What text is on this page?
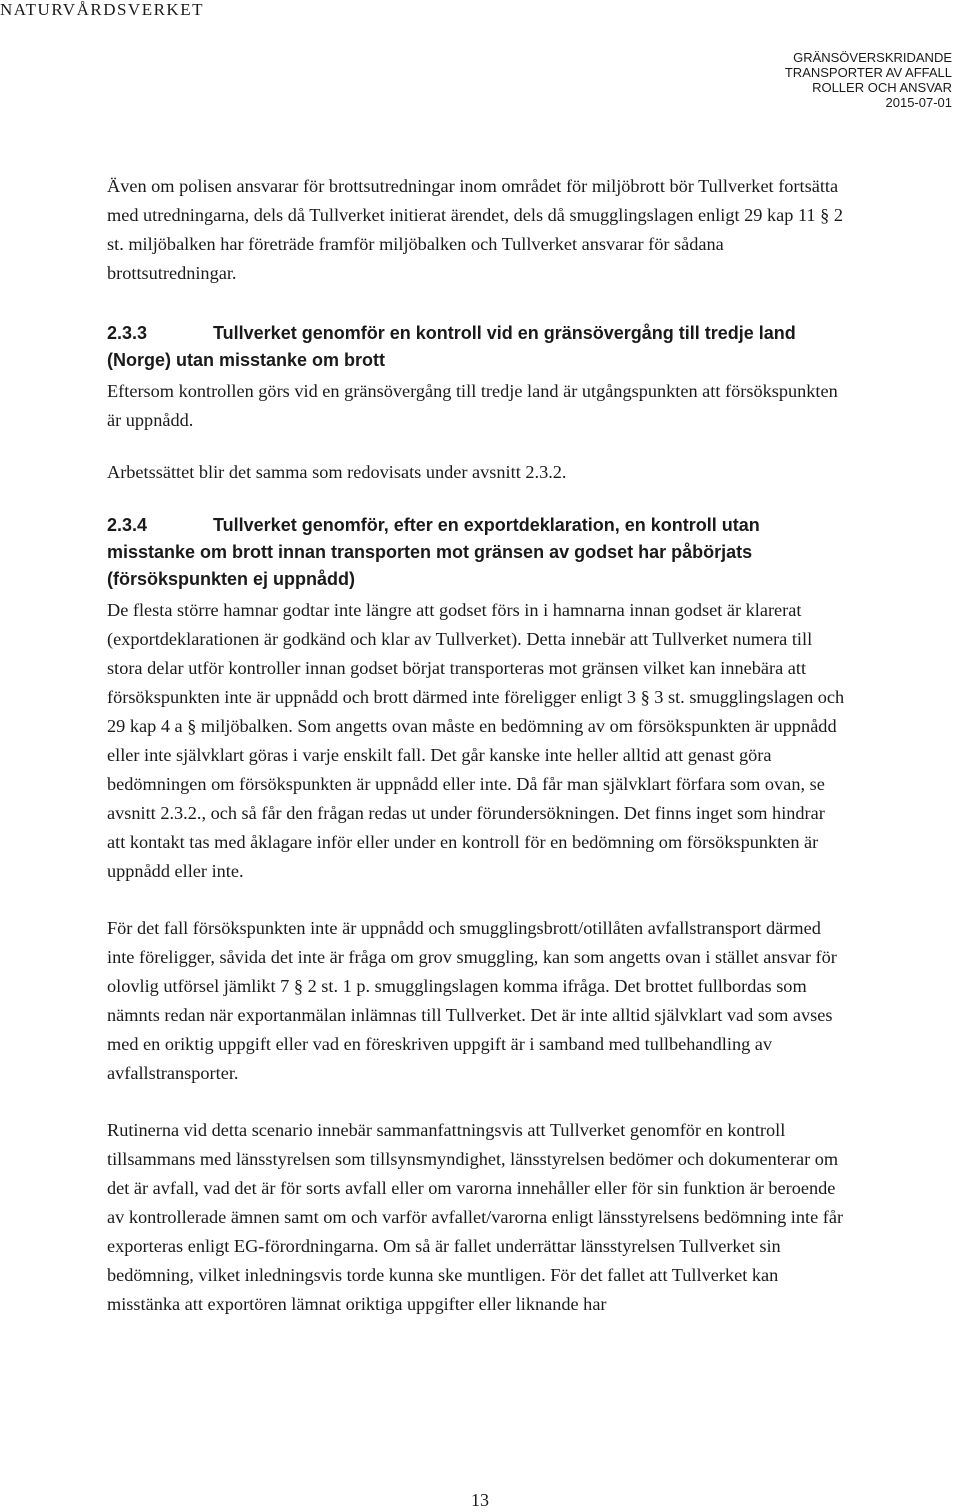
NATURVÅRDSVERKET
GRÄNSÖVERSKRIDANDE
TRANSPORTER AV AFFALL
ROLLER OCH ANSVAR
2015-07-01

Även om polisen ansvarar för brottsutredningar inom området för miljöbrott bör Tullverket fortsätta med utredningarna, dels då Tullverket initierat ärendet, dels då smugglingslagen enligt 29 kap 11 § 2 st. miljöbalken har företräde framför miljöbalken och Tullverket ansvarar för sådana brottsutredningar.

2.3.3	Tullverket genomför en kontroll vid en gränsövergång till tredje land (Norge) utan misstanke om brott

Eftersom kontrollen görs vid en gränsövergång till tredje land är utgångspunkten att försökspunkten är uppnådd.

Arbetssättet blir det samma som redovisats under avsnitt 2.3.2.

2.3.4	Tullverket genomför, efter en exportdeklaration, en kontroll utan misstanke om brott innan transporten mot gränsen av godset har påbörjats (försökspunkten ej uppnådd)

De flesta större hamnar godtar inte längre att godset förs in i hamnarna innan godset är klarerat (exportdeklarationen är godkänd och klar av Tullverket). Detta innebär att Tullverket numera till stora delar utför kontroller innan godset börjat transporteras mot gränsen vilket kan innebära att försökspunkten inte är uppnådd och brott därmed inte föreligger enligt 3 § 3 st. smugglingslagen och 29 kap 4 a § miljöbalken. Som angetts ovan måste en bedömning av om försökspunkten är uppnådd eller inte självklart göras i varje enskilt fall. Det går kanske inte heller alltid att genast göra bedömningen om försökspunkten är uppnådd eller inte. Då får man självklart förfara som ovan, se avsnitt 2.3.2., och så får den frågan redas ut under förundersökningen. Det finns inget som hindrar att kontakt tas med åklagare inför eller under en kontroll för en bedömning om försökspunkten är uppnådd eller inte.

För det fall försökspunkten inte är uppnådd och smugglingsbrott/otillåten avfallstransport därmed inte föreligger, såvida det inte är fråga om grov smuggling, kan som angetts ovan i stället ansvar för olovlig utförsel jämlikt 7 § 2 st. 1 p. smugglingslagen komma ifråga. Det brottet fullbordas som nämnts redan när exportanmälan inlämnas till Tullverket. Det är inte alltid självklart vad som avses med en oriktig uppgift eller vad en föreskriven uppgift är i samband med tullbehandling av avfallstransporter.

Rutinerna vid detta scenario innebär sammanfattningsvis att Tullverket genomför en kontroll tillsammans med länsstyrelsen som tillsynsmyndighet, länsstyrelsen bedömer och dokumenterar om det är avfall, vad det är för sorts avfall eller om varorna innehåller eller för sin funktion är beroende av kontrollerade ämnen samt om och varför avfallet/varorna enligt länsstyrelsens bedömning inte får exporteras enligt EG-förordningarna. Om så är fallet underrättar länsstyrelsen Tullverket sin bedömning, vilket inledningsvis torde kunna ske muntligen. För det fallet att Tullverket kan misstänka att exportören lämnat oriktiga uppgifter eller liknande har

13
